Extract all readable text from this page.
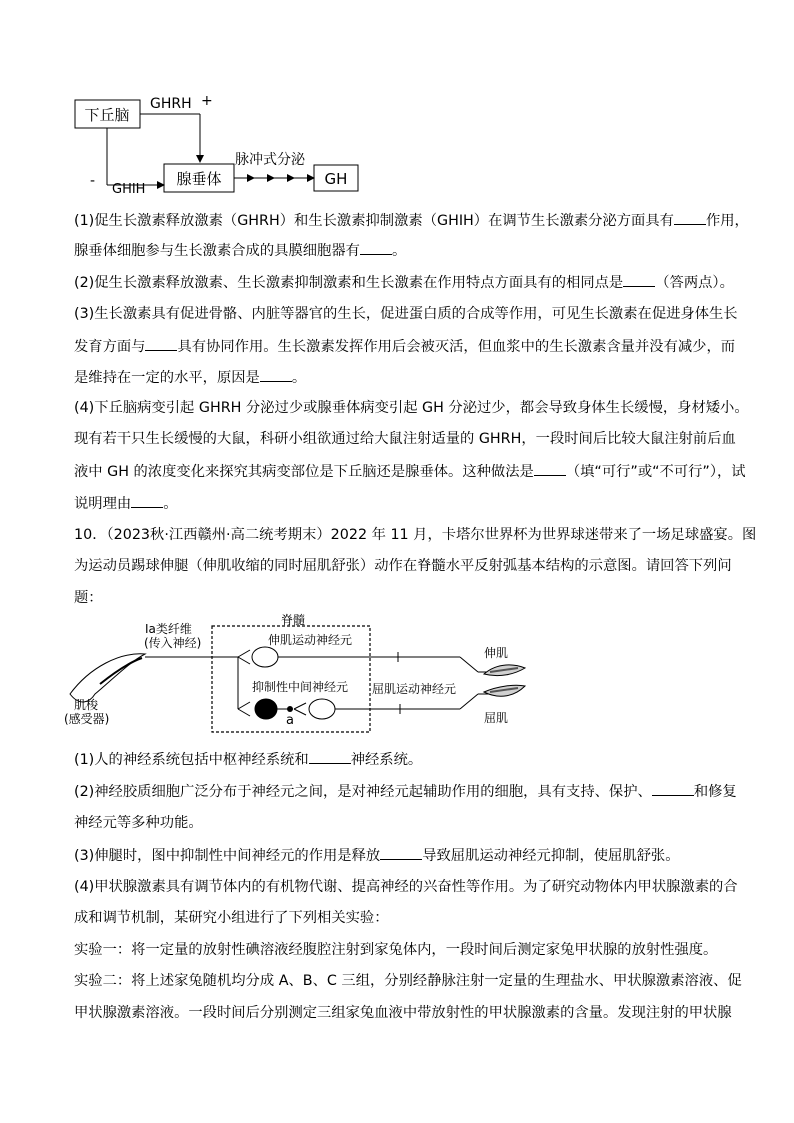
下丘脑
GHRH +
-
GHIH
腺垂体
脉冲式分泌
GH
(1)促生长激素释放激素（GHRH）和生长激素抑制激素（GHIH）在调节生长激素分泌方面具有 作用，
腺垂体细胞参与生长激素合成的具膜细胞器有 。
(2)促生长激素释放激素、生长激素抑制激素和生长激素在作用特点方面具有的相同点是 （答两点）。
(3)生长激素具有促进骨骼、内脏等器官的生长，促进蛋白质的合成等作用，可见生长激素在促进身体生长
发育方面与 具有协同作用。生长激素发挥作用后会被灭活，但血浆中的生长激素含量并没有减少，而
是维持在一定的水平，原因是 。
(4)下丘脑病变引起 GHRH 分泌过少或腺垂体病变引起 GH 分泌过少，都会导致身体生长缓慢，身材矮小。
现有若干只生长缓慢的大鼠，科研小组欲通过给大鼠注射适量的 GHRH，一段时间后比较大鼠注射前后血
液中 GH 的浓度变化来探究其病变部位是下丘脑还是腺垂体。这种做法是 （填“可行”或“不可行”），试
说明理由 。
10．（2023秋·江西赣州·高二统考期末）2022 年 11 月，卡塔尔世界杯为世界球迷带来了一场足球盛宴。图
为运动员踢球伸腿（伸肌收缩的同时屈肌舒张）动作在脊髓水平反射弧基本结构的示意图。请回答下列问
题：
Ia类纤维
(传入神经)
肌梭
(感受器)
脊髓
伸肌运动神经元
a
抑制性中间神经元 屈肌运动神经元
伸肌
屈肌
(1)人的神经系统包括中枢神经系统和	神经系统。
(2)神经胶质细胞广泛分布于神经元之间，是对神经元起辅助作用的细胞，具有支持、保护、	和修复
神经元等多种功能。
(3)伸腿时，图中抑制性中间神经元的作用是释放	导致屈肌运动神经元抑制，使屈肌舒张。
(4)甲状腺激素具有调节体内的有机物代谢、提高神经的兴奋性等作用。为了研究动物体内甲状腺激素的合
成和调节机制，某研究小组进行了下列相关实验：
实验一：将一定量的放射性碘溶液经腹腔注射到家兔体内，一段时间后测定家兔甲状腺的放射性强度。
实验二：将上述家兔随机均分成 A、B、C 三组，分别经静脉注射一定量的生理盐水、甲状腺激素溶液、促
甲状腺激素溶液。一段时间后分别测定三组家兔血液中带放射性的甲状腺激素的含量。发现注射的甲状腺
